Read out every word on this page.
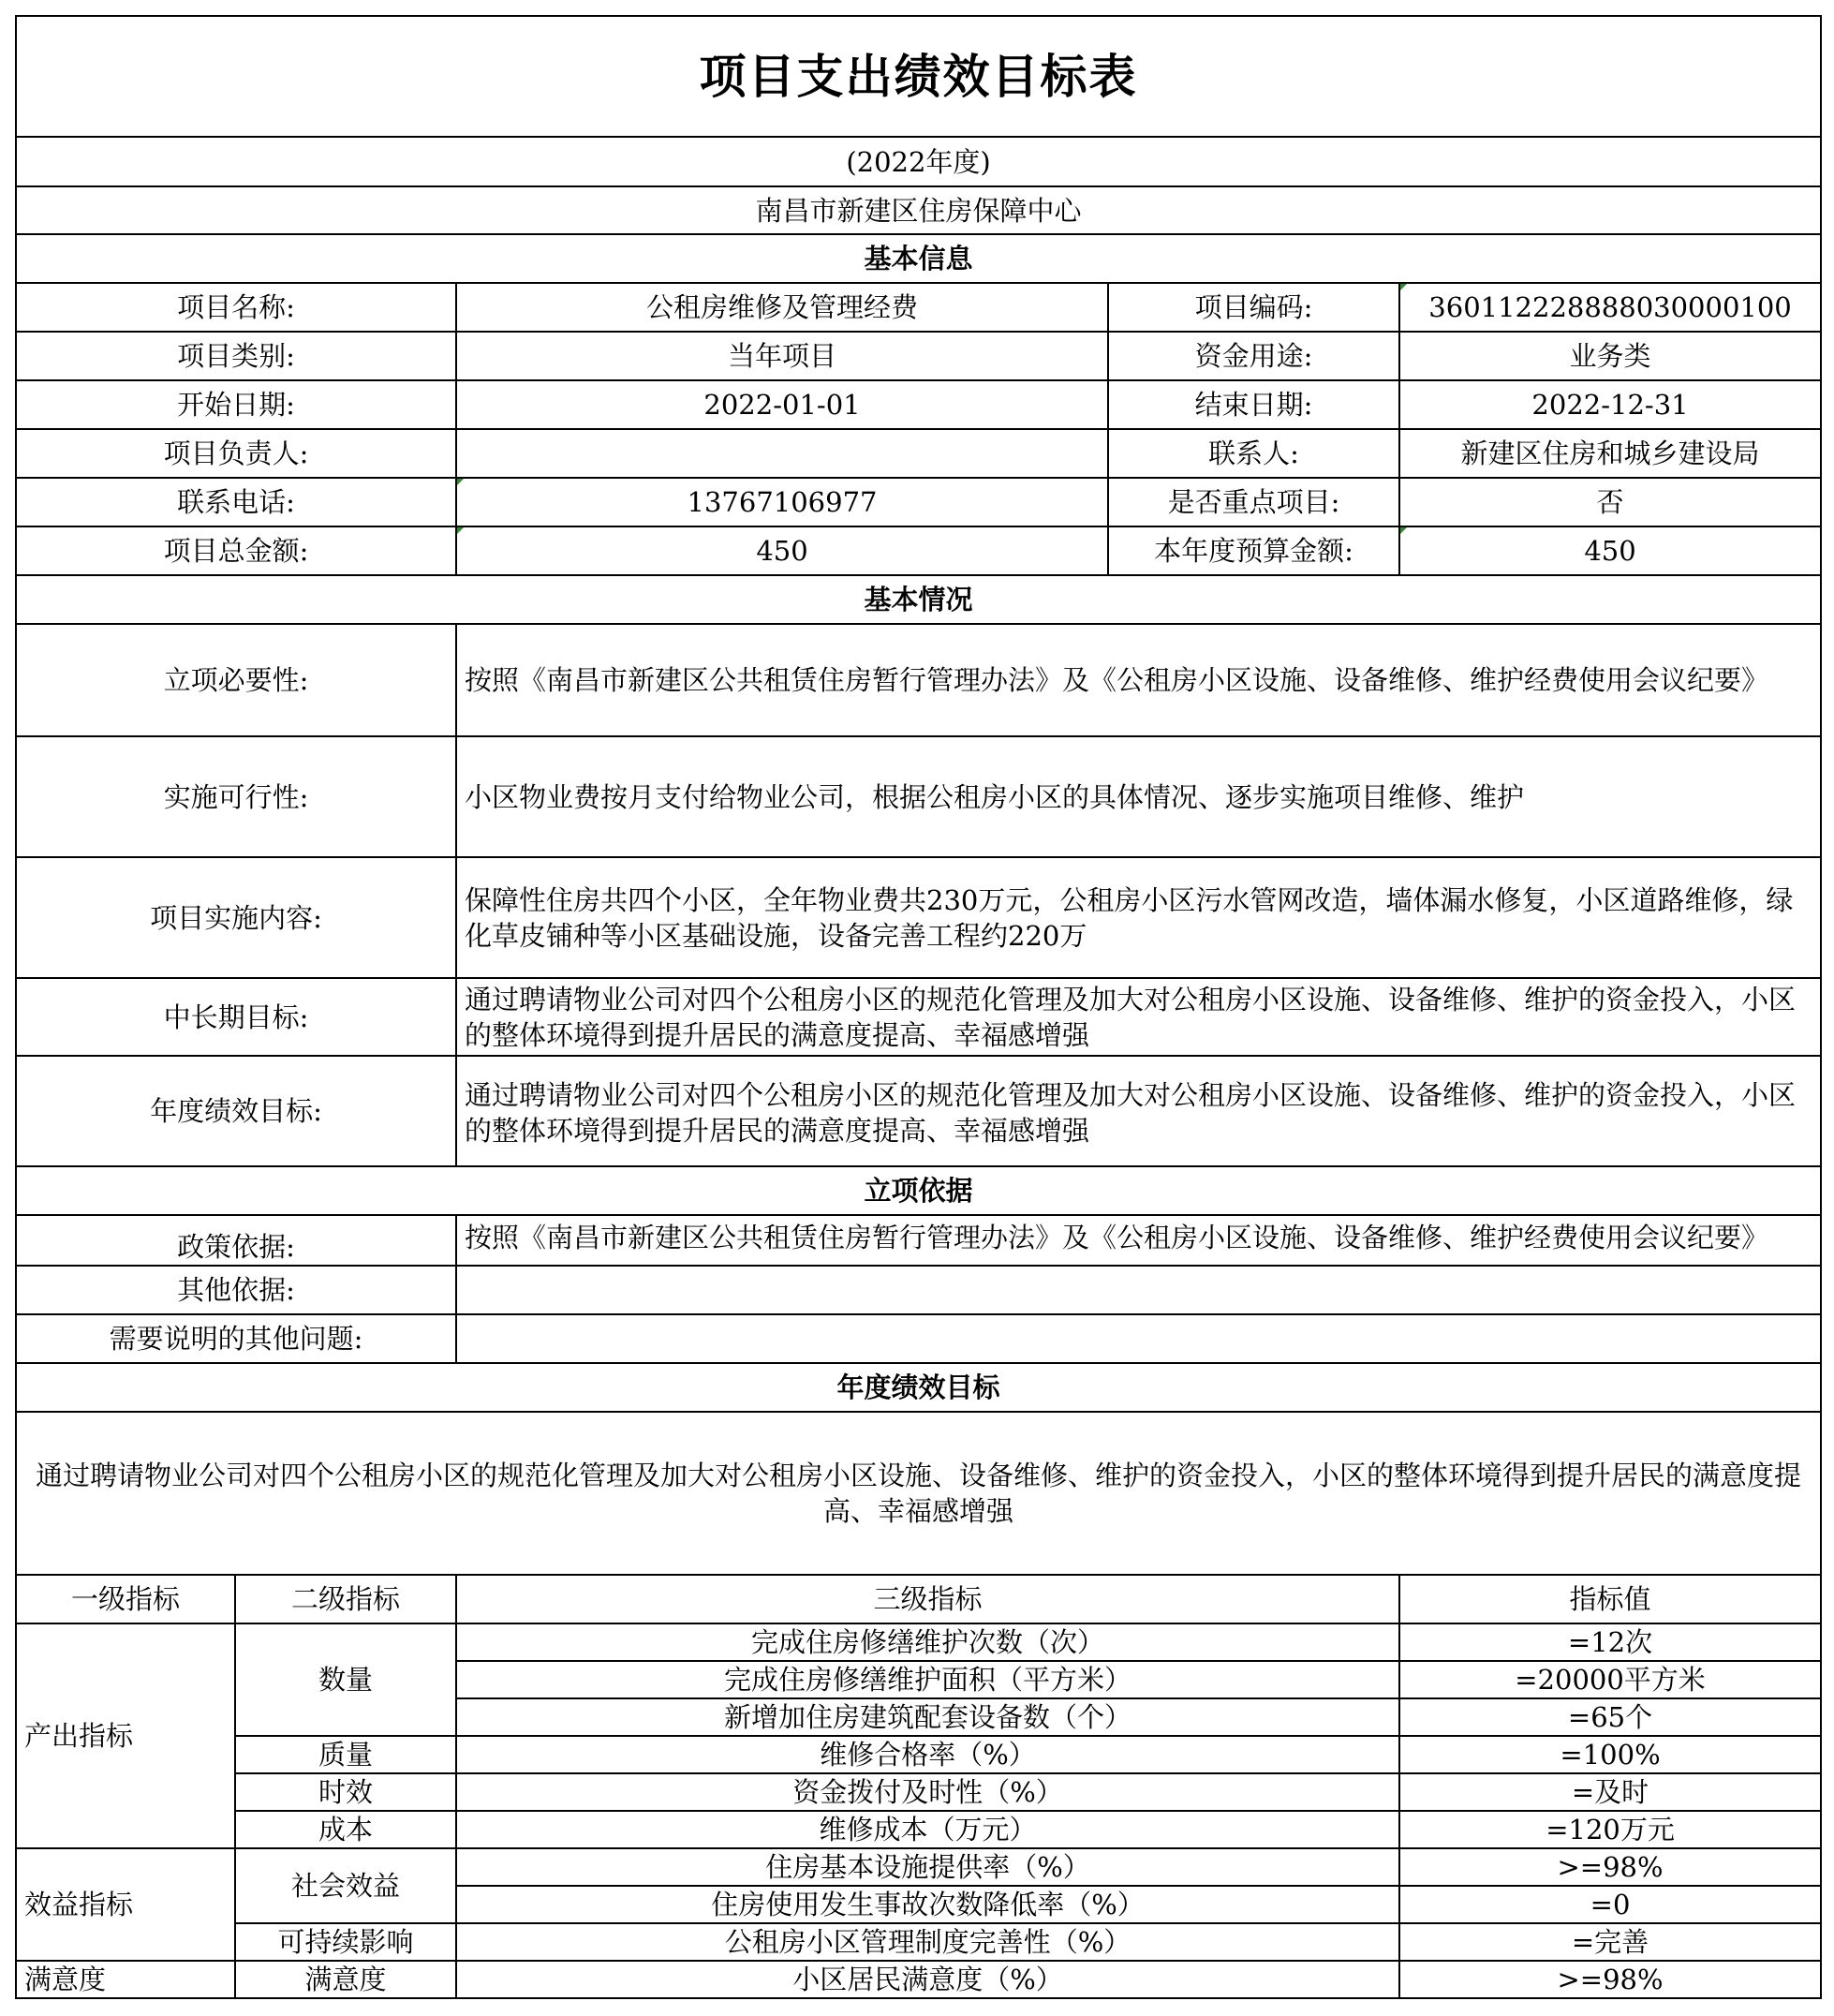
项目支出绩效目标表				
(2022年度)				
南昌市新建区住房保障中心				
基本信息				
项目名称:		公租房维修及管理经费	项目编码:	36011222888803000010​0
项目类别:		当年项目	资金用途:	业务类
开始日期:		2022-01-01	结束日期:	2022-12-31
项目负责人:			联系人:	新建区住房和城乡建设局
联系电话:		13767106977	是否重点项目:	否
项目总金额:		450	本年度预算金额:	450
基本情况				
立项必要性:		按照《南昌市新建区公共租赁住房暂行管理办法》及《公租房小区设施、设备维修、维护经费使用会议纪要》		
实施可行性:		小区物业费按月支付给物业公司，根据公租房小区的具体情况、逐步实施项目维修、维护		
项目实施内容:		保障性住房共四个小区，全年物业费共230万元，公租房小区污水管网改造，墙体漏水修复，小区道路维修，绿化草皮铺种等小区基础设施，设备完善工程约220万		
中长期目标:		通过聘请物业公司对四个公租房小区的规范化管理及加大对公租房小区设施、设备维修、维护的资金投入，小区的整体环境得到提升居民的满意度提高、幸福感增强		
年度绩效目标:		通过聘请物业公司对四个公租房小区的规范化管理及加大对公租房小区设施、设备维修、维护的资金投入，小区的整体环境得到提升居民的满意度提高、幸福感增强		
立项依据				
政策依据:		按照《南昌市新建区公共租赁住房暂行管理办法》及《公租房小区设施、设备维修、维护经费使用会议纪要》		

其他依据:				
需要说明的其他问题:				
年度绩效目标				
通过聘请物业公司对四个公租房小区的规范化管理及加大对公租房小区设施、设备维修、维护的资金投入，小区的整体环境得到提升居民的满意度提高、幸福感增强				
一级指标	二级指标	三级指标		指标值
产出指标	数量	完成住房修缮维护次数（次）		=12次
		完成住房修缮维护面积（平方米）		=20000平方米
		新增加住房建筑配套设备数（个）		=65个
	质量	维修合格率（%）		=100%
	时效	资金拨付及时性（%）		=及时
	成本	维修成本（万元）		=120万元
效益指标	社会效益	住房基本设施提供率（%）		>=98%
		住房使用发生事故次数降低率（%）		=0
	可持续影响	公租房小区管理制度完善性（%）		=完善
满意度	满意度	小区居民满意度（%）		>=98%
